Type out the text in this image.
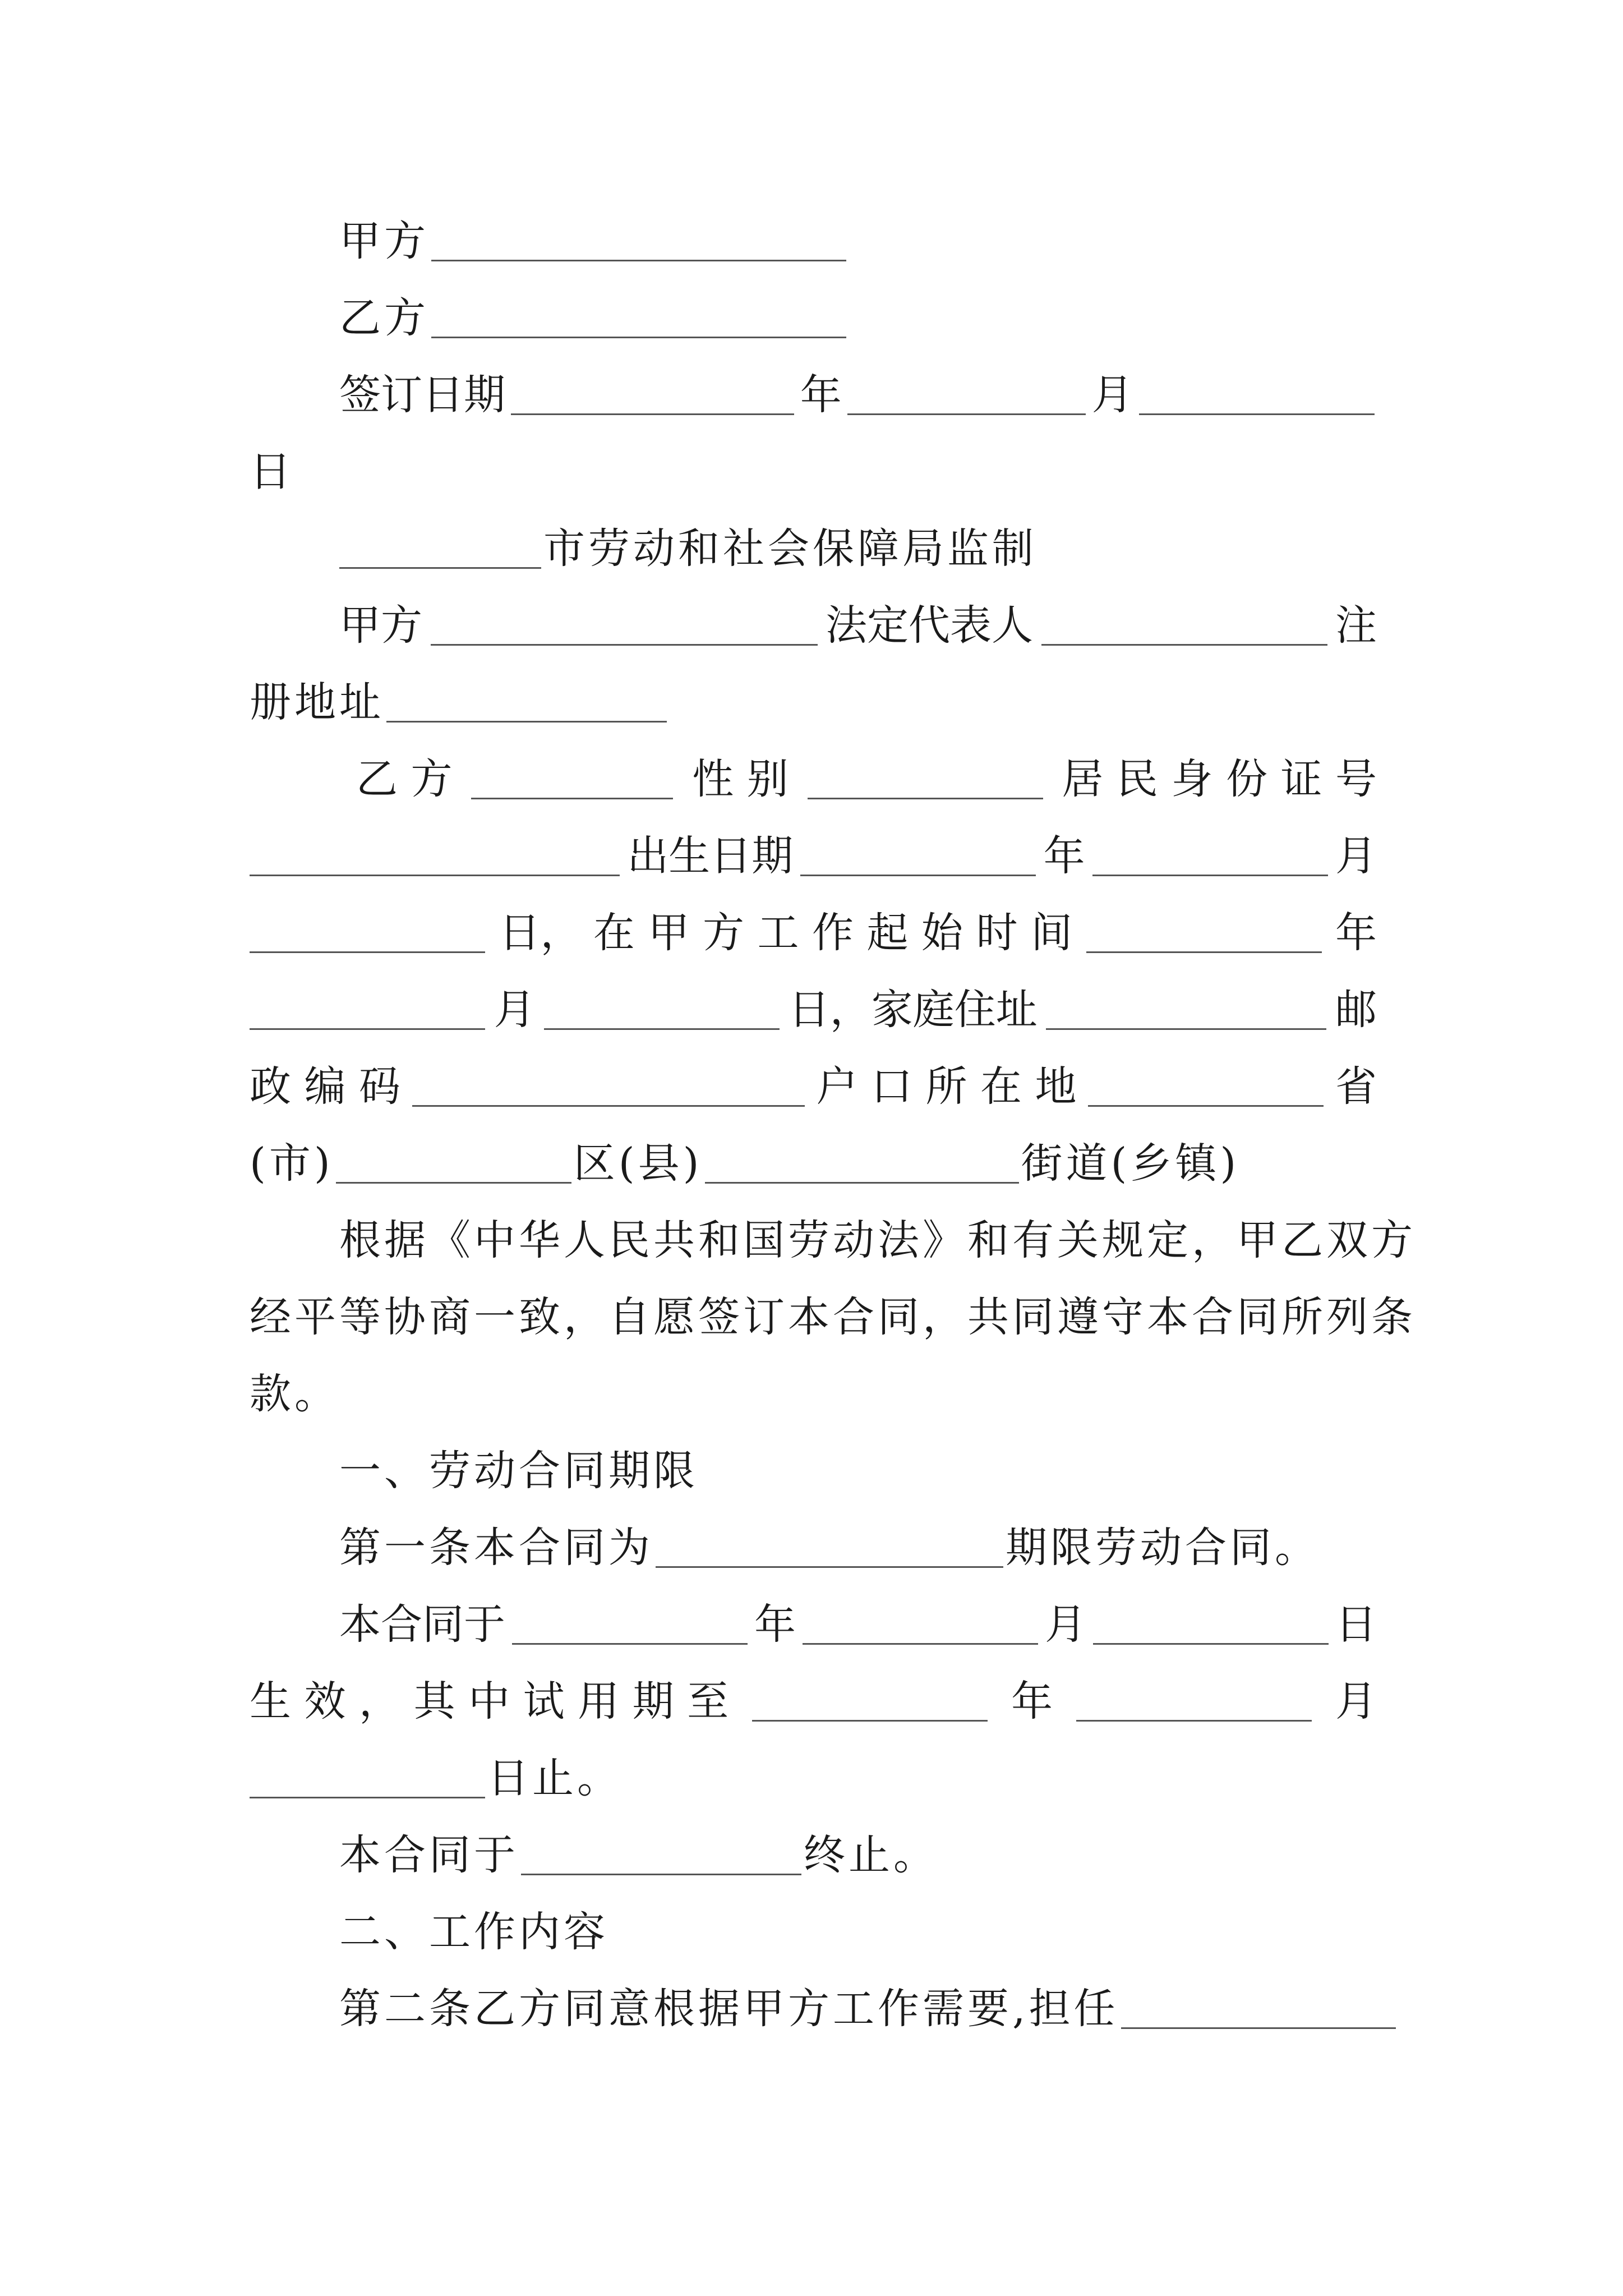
甲方
乙方
签订日期	年	月
日
市劳动和社会保障局监制
甲方	法定代表人	注
册地址
乙 方	性 别	居 民 身 份 证 号
出生日期	年	月
日， 在 甲 方 工 作 起 始 时 间	年
月	日，家庭住址	邮
政 编 码	户 口 所 在 地	省
(市)	区(县)	街道(乡镇)
根据《中华人民共和国劳动法》和有关规定，甲乙双方
经平等协商一致，自愿签订本合同，共同遵守本合同所列条
款。
一、劳动合同期限
第一条本合同为	期限劳动合同。
本合同于	年	月	日
生 效 ， 其 中 试 用 期 至	年	月
日止。
本合同于	终止。
二、工作内容
第二条乙方同意根据甲方工作需要,担任
